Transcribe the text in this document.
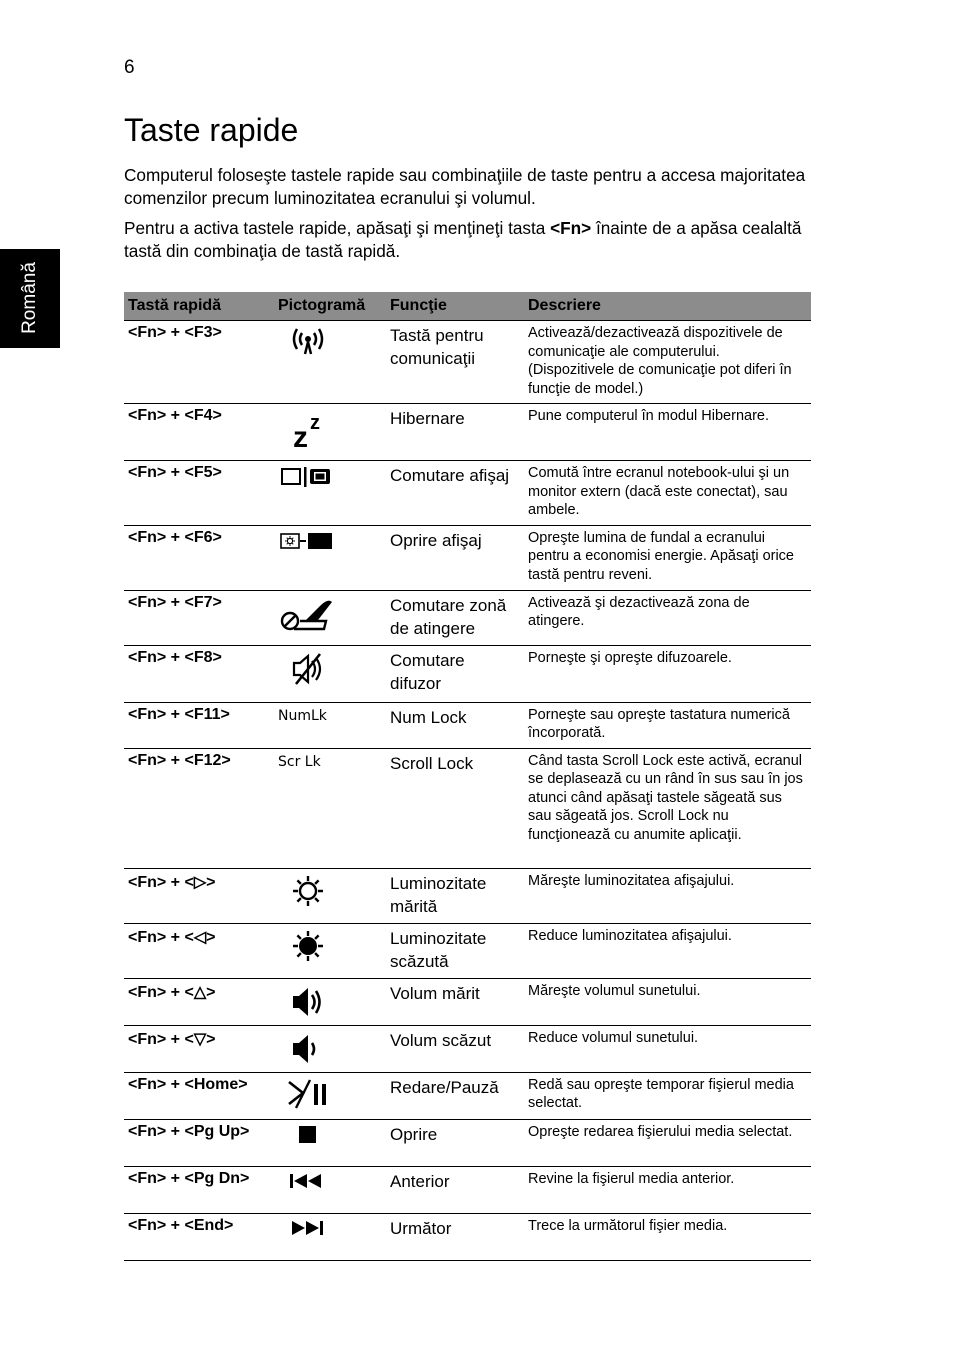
6
Română
Taste rapide

Computerul foloseşte tastele rapide sau combinaţiile de taste pentru a accesa majoritatea comenzilor precum luminozitatea ecranului şi volumul.

Pentru a activa tastele rapide, apăsaţi şi menţineţi tasta <Fn> înainte de a apăsa cealaltă tastă din combinaţia de tastă rapidă.

Tastă rapidă	Pictogramă	Funcţie	Descriere
<Fn> + <F3>		Tastă pentru comunicaţii	Activează/dezactivează dispozitivele de comunicaţie ale computerului. (Dispozitivele de comunicaţie pot diferi în funcţie de model.)
<Fn> + <F4>	z z	Hibernare	Pune computerul în modul Hibernare.
<Fn> + <F5>		Comutare afişaj	Comută între ecranul notebook-ului şi un monitor extern (dacă este conectat), sau ambele.
<Fn> + <F6>		Oprire afişaj	Opreşte lumina de fundal a ecranului pentru a economisi energie. Apăsaţi orice tastă pentru reveni.
<Fn> + <F7>		Comutare zonă de atingere	Activează şi dezactivează zona de atingere.
<Fn> + <F8>		Comutare difuzor	Porneşte şi opreşte difuzoarele.
<Fn> + <F11>	NumLk	Num Lock	Porneşte sau opreşte tastatura numerică încorporată.
<Fn> + <F12>	Scr Lk	Scroll Lock	Când tasta Scroll Lock este activă, ecranul se deplasează cu un rând în sus sau în jos atunci când apăsaţi tastele săgeată sus sau săgeată jos. Scroll Lock nu funcţionează cu anumite aplicaţii.
<Fn> + <▷>		Luminozitate mărită	Măreşte luminozitatea afişajului.
<Fn> + <◁>		Luminozitate scăzută	Reduce luminozitatea afişajului.
<Fn> + <△>		Volum mărit	Măreşte volumul sunetului.
<Fn> + <▽>		Volum scăzut	Reduce volumul sunetului.
<Fn> + <Home>		Redare/Pauză	Redă sau opreşte temporar fişierul media selectat.
<Fn> + <Pg Up>		Oprire	Opreşte redarea fişierului media selectat.
<Fn> + <Pg Dn>		Anterior	Revine la fişierul media anterior.
<Fn> + <End>		Următor	Trece la următorul fişier media.
